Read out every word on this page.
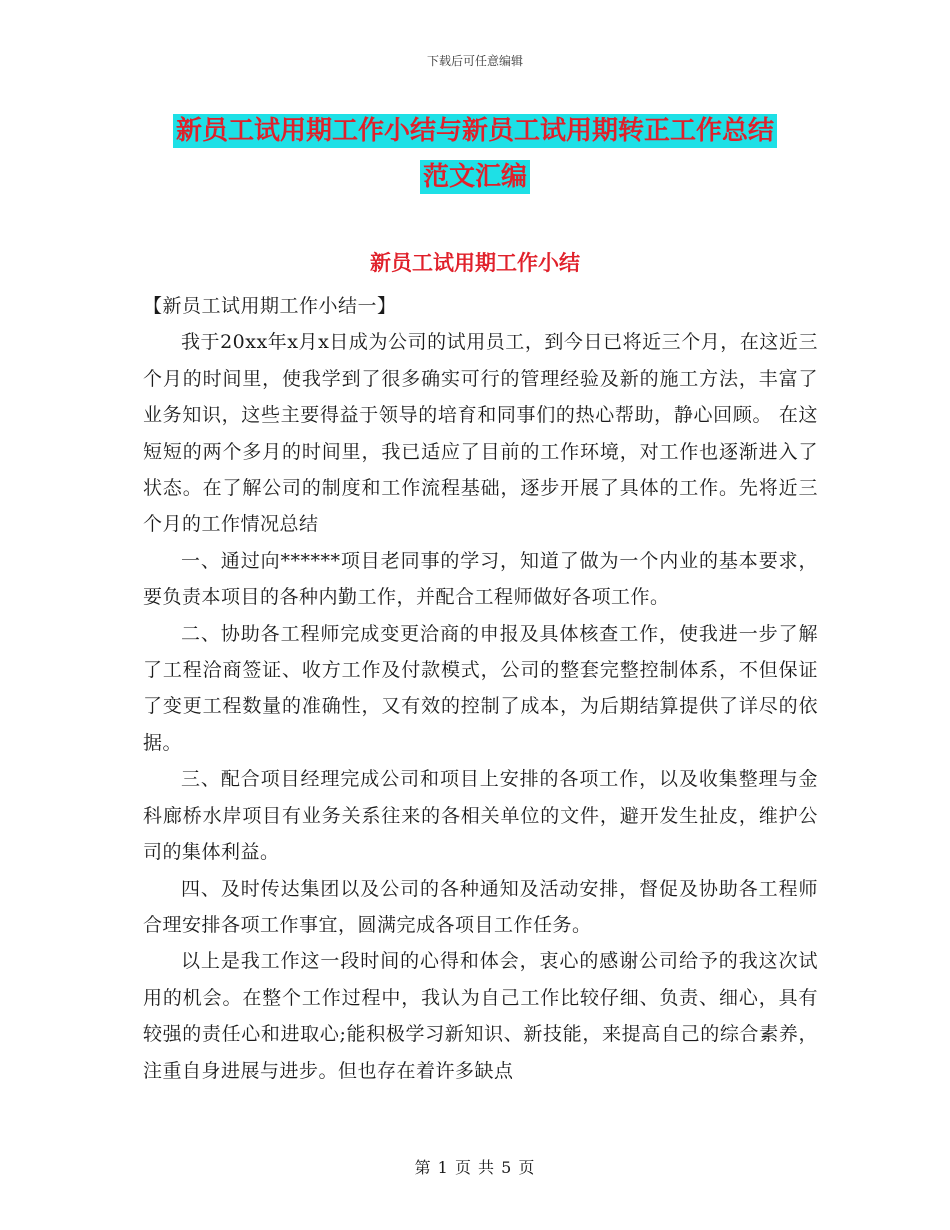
下载后可任意编辑
新员工试用期工作小结与新员工试用期转正工作总结
范文汇编
新员工试用期工作小结

【新员工试用期工作小结一】

我于20xx年x月x日成为公司的试用员工，到今日已将近三个月，在这近三个月的时间里，使我学到了很多确实可行的管理经验及新的施工方法，丰富了业务知识，这些主要得益于领导的培育和同事们的热心帮助，静心回顾。 在这短短的两个多月的时间里，我已适应了目前的工作环境，对工作也逐渐进入了状态。在了解公司的制度和工作流程基础，逐步开展了具体的工作。先将近三个月的工作情况总结

一、通过向******项目老同事的学习，知道了做为一个内业的基本要求，要负责本项目的各种内勤工作，并配合工程师做好各项工作。

二、协助各工程师完成变更洽商的申报及具体核查工作，使我进一步了解了工程洽商签证、收方工作及付款模式，公司的整套完整控制体系，不但保证了变更工程数量的准确性，又有效的控制了成本，为后期结算提供了详尽的依据。

三、配合项目经理完成公司和项目上安排的各项工作，以及收集整理与金科廊桥水岸项目有业务关系往来的各相关单位的文件，避开发生扯皮，维护公司的集体利益。

四、及时传达集团以及公司的各种通知及活动安排，督促及协助各工程师合理安排各项工作事宜，圆满完成各项目工作任务。

以上是我工作这一段时间的心得和体会，衷心的感谢公司给予的我这次试用的机会。在整个工作过程中，我认为自己工作比较仔细、负责、细心，具有较强的责任心和进取心;能积极学习新知识、新技能，来提高自己的综合素养，注重自身进展与进步。但也存在着许多缺点

第 1 页 共 5 页
